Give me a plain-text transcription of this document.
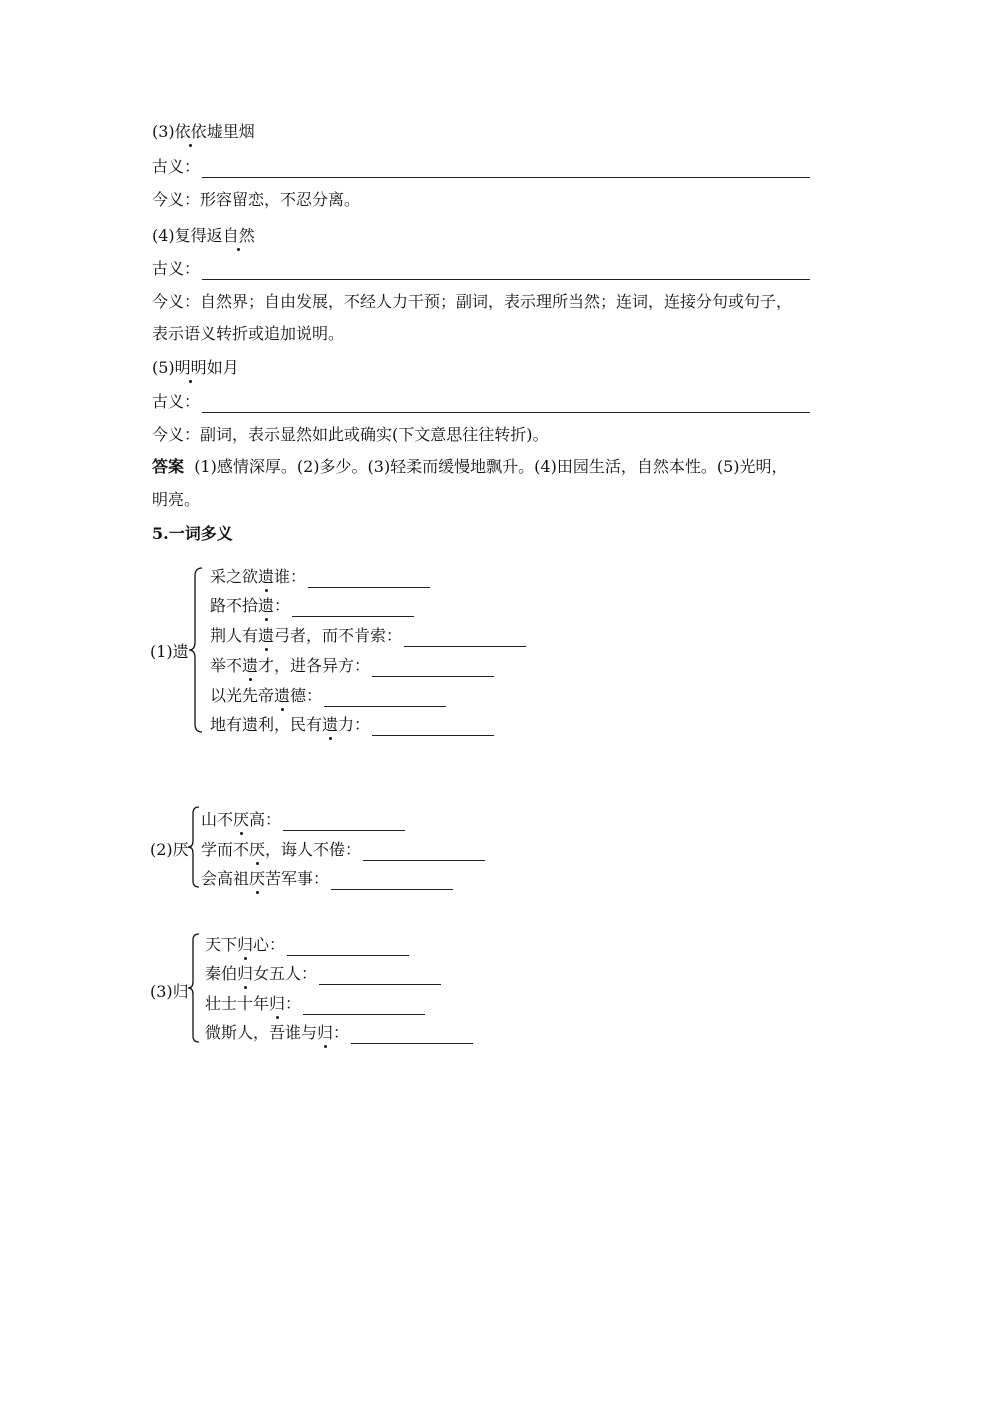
(3)依依墟里烟
古义：
今义：形容留恋，不忍分离。
(4)复得返自然
古义：
今义：自然界；自由发展，不经人力干预；副词，表示理所当然；连词，连接分句或句子，
表示语义转折或追加说明。
(5)明明如月
古义：
今义：副词，表示显然如此或确实(下文意思往往转折)。
答案 (1)感情深厚。(2)多少。(3)轻柔而缓慢地飘升。(4)田园生活，自然本性。(5)光明，
明亮。
5.一词多义
(1)遗
采之欲遗谁：
路不拾遗：
荆人有遗弓者，而不肯索：
举不遗才，进各异方：
以光先帝遗德：
地有遗利，民有遗力：
(2)厌
山不厌高：
学而不厌，诲人不倦：
会高祖厌苦军事：
(3)归
天下归心：
秦伯归女五人：
壮士十年归：
微斯人，吾谁与归：
